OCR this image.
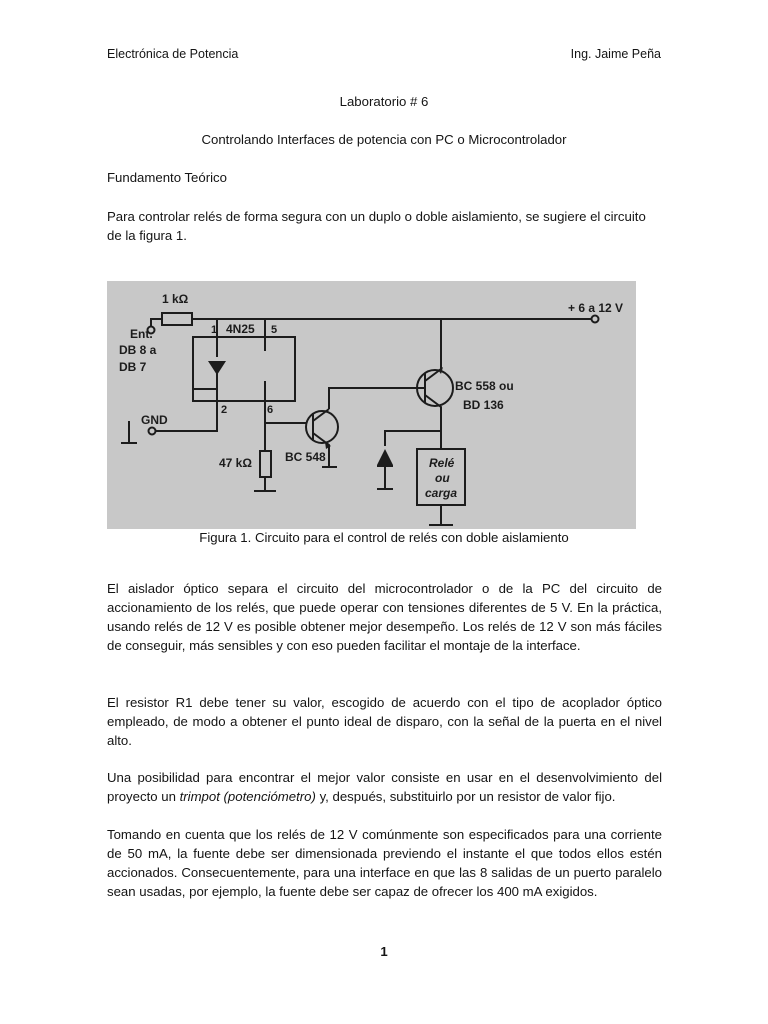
Electrónica de Potencia	Ing. Jaime Peña
Laboratorio # 6
Controlando Interfaces de potencia con PC o Microcontrolador
Fundamento Teórico
Para controlar relés de forma segura con un duplo o doble aislamiento, se sugiere el circuito de la figura 1.
1 kΩ
Ent.
DB 8 a
DB 7
GND
4N25
1
2
5
6
47 kΩ	BC 548
BC 558 ou
BD 136
+ 6 a 12 V
Relé
ou
carga
Figura 1. Circuito para el control de relés con doble aislamiento
El aislador óptico separa el circuito del microcontrolador o de la PC del circuito de accionamiento de los relés, que puede operar con tensiones diferentes de 5 V. En la práctica, usando relés de 12 V es posible obtener mejor desempeño. Los relés de 12 V son más fáciles de conseguir, más sensibles y con eso pueden facilitar el montaje de la interface.
El resistor R1 debe tener su valor, escogido de acuerdo con el tipo de acoplador óptico empleado, de modo a obtener el punto ideal de disparo, con la señal de la puerta en el nivel alto.
Una posibilidad para encontrar el mejor valor consiste en usar en el desenvolvimiento del proyecto un trimpot (potenciómetro) y, después, substituirlo por un resistor de valor fijo.
Tomando en cuenta que los relés de 12 V comúnmente son especificados para una corriente de 50 mA, la fuente debe ser dimensionada previendo el instante el que todos ellos estén accionados. Consecuentemente, para una interface en que las 8 salidas de un puerto paralelo sean usadas, por ejemplo, la fuente debe ser capaz de ofrecer los 400 mA exigidos.
1
